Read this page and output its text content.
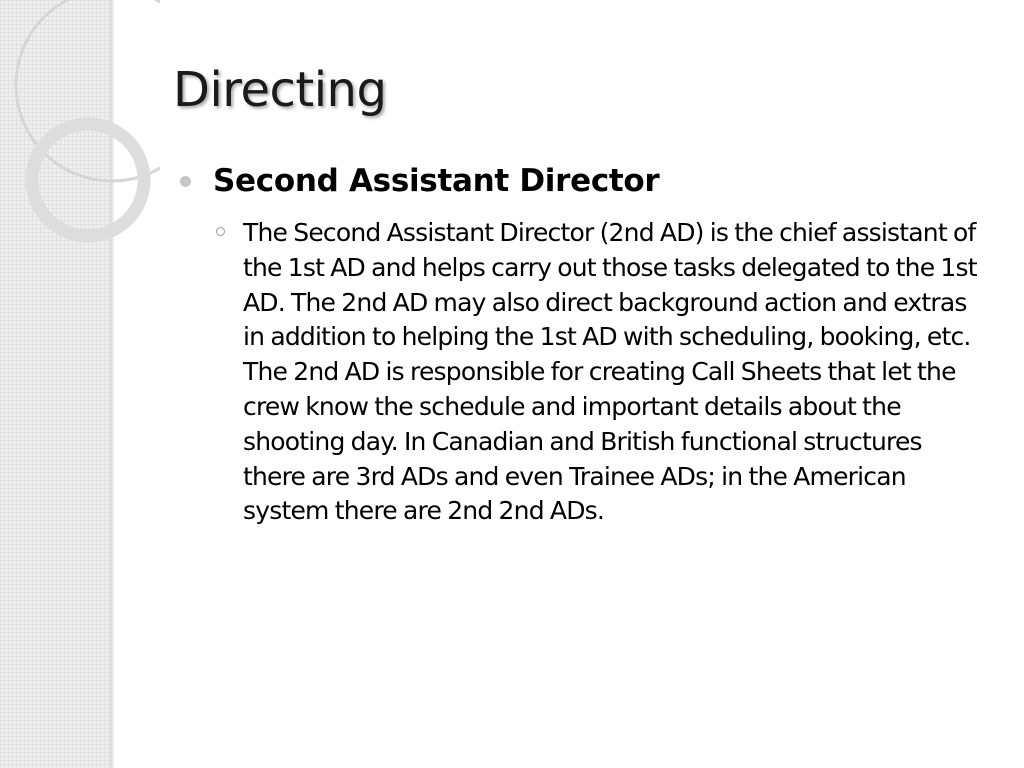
Directing
Second Assistant Director

The Second Assistant Director (2nd AD) is the chief assistant of the 1st AD and helps carry out those tasks delegated to the 1st AD. The 2nd AD may also direct background action and extras in addition to helping the 1st AD with scheduling, booking, etc. The 2nd AD is responsible for creating Call Sheets that let the crew know the schedule and important details about the shooting day. In Canadian and British functional structures there are 3rd ADs and even Trainee ADs; in the American system there are 2nd 2nd ADs.
